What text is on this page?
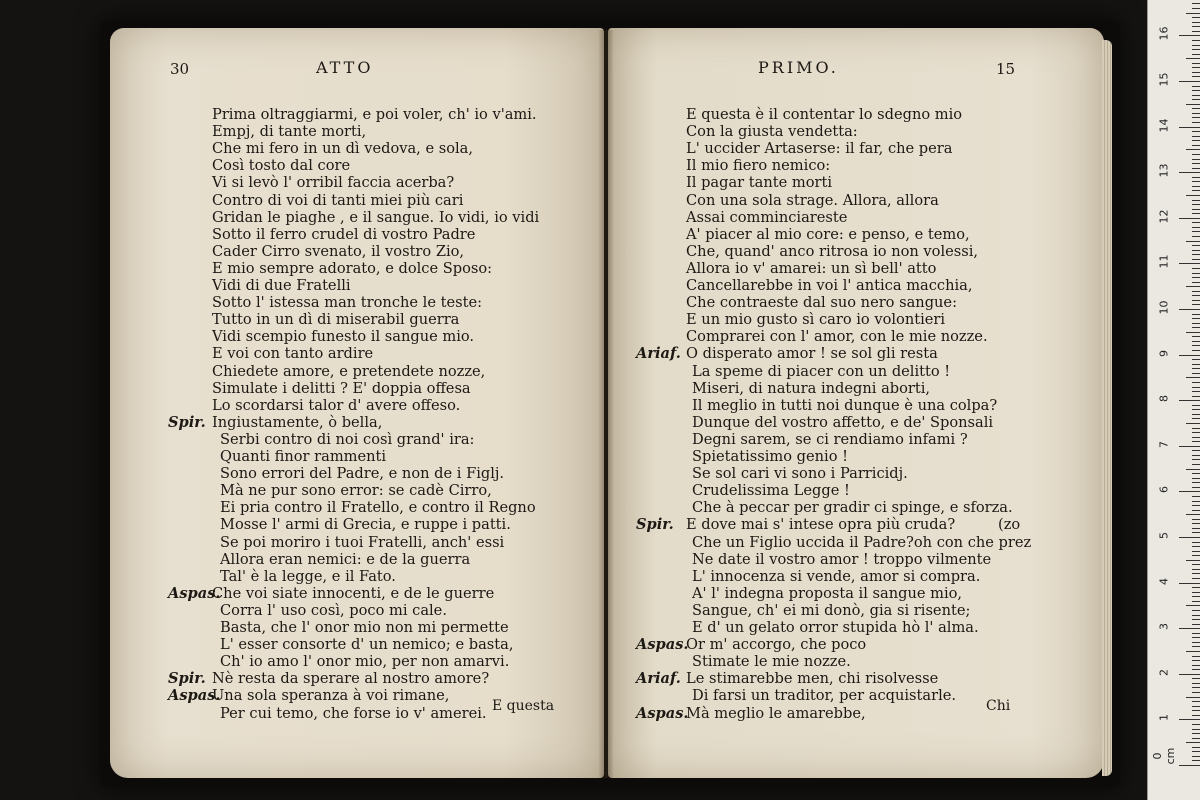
30	ATTO
Prima oltraggiarmi, e poi voler, ch' io v'ami.
Empj, di tante morti,
Che mi fero in un dì vedova, e sola,
Così tosto dal core
Vi si levò l' orribil faccia acerba?
Contro di voi di tanti miei più cari
Gridan le piaghe , e il sangue. Io vidi, io vidi
Sotto il ferro crudel di vostro Padre
Cader Cirro svenato, il vostro Zio,
E mio sempre adorato, e dolce Sposo:
Vidi di due Fratelli
Sotto l' istessa man tronche le teste:
Tutto in un dì di miserabil guerra
Vidi scempio funesto il sangue mio.
E voi con tanto ardire
Chiedete amore, e pretendete nozze,
Simulate i delitti ? E' doppia offesa
Lo scordarsi talor d' avere offeso.
Spir. Ingiustamente, ò bella,
Serbi contro di noi così grand' ira:
Quanti finor rammenti
Sono errori del Padre, e non de i Figlj.
Mà ne pur sono error: se cadè Cirro,
Ei pria contro il Fratello, e contro il Regno
Mosse l' armi di Grecia, e ruppe i patti.
Se poi moriro i tuoi Fratelli, anch' essi
Allora eran nemici: e de la guerra
Tal' è la legge, e il Fato.
Aspas.
Che voi siate innocenti, e de le guerre
Corra l' uso così, poco mi cale.
Basta, che l' onor mio non mi permette
L' esser consorte d' un nemico; e basta,
Ch' io amo l' onor mio, per non amarvi.
Spir. Nè resta da sperare al nostro amore?
Aspas.
Una sola speranza à voi rimane,
Per cui temo, che forse io v' amerei. E questa
PRIMO.	15
E questa è il contentar lo sdegno mio
Con la giusta vendetta:
L' uccider Artaserse: il far, che pera
Il mio fiero nemico:
Il pagar tante morti
Con una sola strage. Allora, allora
Assai comminciareste
A' piacer al mio core: e penso, e temo,
Che, quand' anco ritrosa io non volessi,
Allora io v' amarei: un sì bell' atto
Cancellarebbe in voi l' antica macchia,
Che contraeste dal suo nero sangue:
E un mio gusto sì caro io volontieri
Comprarei con l' amor, con le mie nozze.
Ariaf. O disperato amor ! se sol gli resta
La speme di piacer con un delitto !
Miseri, di natura indegni aborti,
Il meglio in tutti noi dunque è una colpa?
Dunque del vostro affetto, e de' Sponsali
Degni sarem, se ci rendiamo infami ?
Spietatissimo genio !
Se sol cari vi sono i Parricidj.
Crudelissima Legge !
Che à peccar per gradir ci spinge, e sforza.
Spir. E dove mai s' intese opra più cruda?	(zo
Che un Figlio uccida il Padre?oh con che prez
Ne date il vostro amor ! troppo vilmente
L' innocenza si vende, amor si compra.
A' l' indegna proposta il sangue mio,
Sangue, ch' ei mi donò, gia si risente;
E d' un gelato orror stupida hò l' alma.
Aspas.
Or m' accorgo, che poco
Stimate le mie nozze.
Ariaf. Le stimarebbe men, chi risolvesse
Di farsi un traditor, per acquistarle.
Aspas.
Mà meglio le amarebbe,	Chi
0 cm
1
2
3
4
5
6
7
8
9
10
11
12
13
14
15
16
